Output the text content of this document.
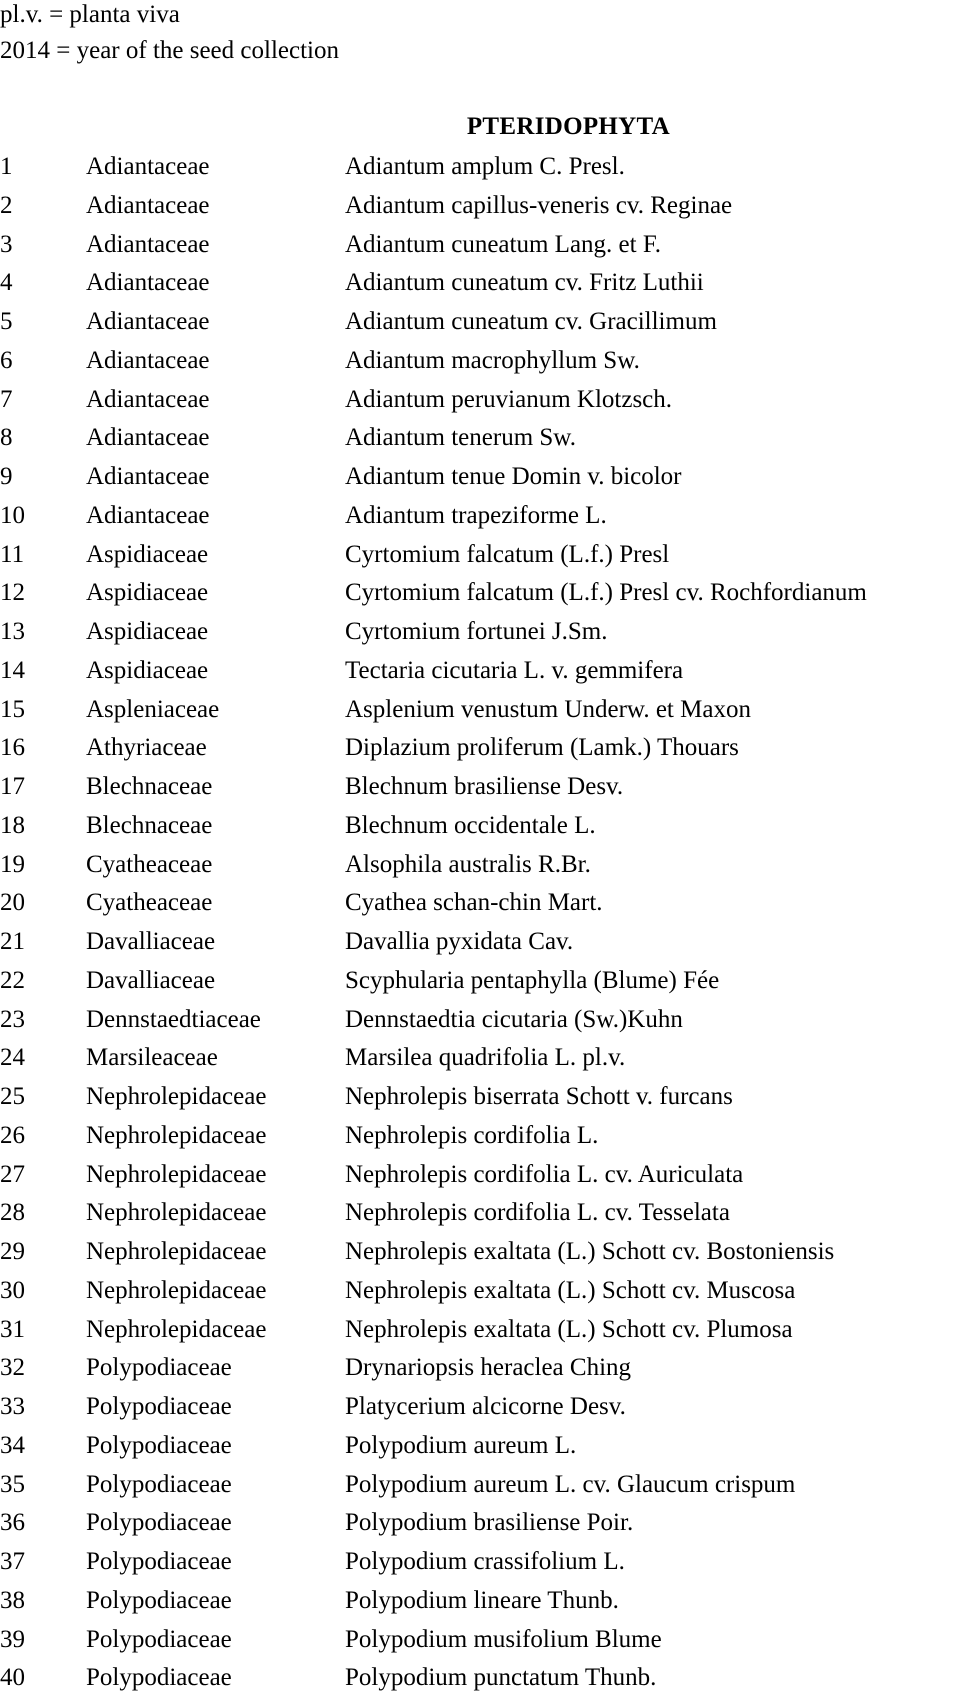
pl.v. = planta viva
2014 = year of the seed collection
PTERIDOPHYTA
1	Adiantaceae	Adiantum amplum C. Presl.
2	Adiantaceae	Adiantum capillus-veneris cv. Reginae
3	Adiantaceae	Adiantum cuneatum Lang. et F.
4	Adiantaceae	Adiantum cuneatum cv. Fritz Luthii
5	Adiantaceae	Adiantum cuneatum cv. Gracillimum
6	Adiantaceae	Adiantum macrophyllum Sw.
7	Adiantaceae	Adiantum peruvianum Klotzsch.
8	Adiantaceae	Adiantum tenerum Sw.
9	Adiantaceae	Adiantum tenue Domin v. bicolor
10 Adiantaceae	Adiantum trapeziforme L.
11 Aspidiaceae	Cyrtomium falcatum (L.f.) Presl
12 Aspidiaceae	Cyrtomium falcatum (L.f.) Presl cv. Rochfordianum
13 Aspidiaceae	Cyrtomium fortunei J.Sm.
14 Aspidiaceae	Tectaria cicutaria L. v. gemmifera
15 Aspleniaceae	Asplenium venustum Underw. et Maxon
16 Athyriaceae	Diplazium proliferum (Lamk.) Thouars
17 Blechnaceae	Blechnum brasiliense Desv.
18 Blechnaceae	Blechnum occidentale L.
19 Cyatheaceae	Alsophila australis R.Br.
20 Cyatheaceae	Cyathea schan-chin Mart.
21 Davalliaceae	Davallia pyxidata Cav.
22 Davalliaceae	Scyphularia pentaphylla (Blume) Fée
23 Dennstaedtiaceae	Dennstaedtia cicutaria (Sw.)Kuhn
24 Marsileaceae	Marsilea quadrifolia L. pl.v.
25 Nephrolepidaceae	Nephrolepis biserrata Schott v. furcans
26 Nephrolepidaceae	Nephrolepis cordifolia L.
27 Nephrolepidaceae	Nephrolepis cordifolia L. cv. Auriculata
28 Nephrolepidaceae	Nephrolepis cordifolia L. cv. Tesselata
29 Nephrolepidaceae	Nephrolepis exaltata (L.) Schott cv. Bostoniensis
30 Nephrolepidaceae	Nephrolepis exaltata (L.) Schott cv. Muscosa
31 Nephrolepidaceae	Nephrolepis exaltata (L.) Schott cv. Plumosa
32 Polypodiaceae	Drynariopsis heraclea Ching
33 Polypodiaceae	Platycerium alcicorne Desv.
34 Polypodiaceae	Polypodium aureum L.
35 Polypodiaceae	Polypodium aureum L. cv. Glaucum crispum
36 Polypodiaceae	Polypodium brasiliense Poir.
37 Polypodiaceae	Polypodium crassifolium L.
38 Polypodiaceae	Polypodium lineare Thunb.
39 Polypodiaceae	Polypodium musifolium Blume
40 Polypodiaceae	Polypodium punctatum Thunb.
